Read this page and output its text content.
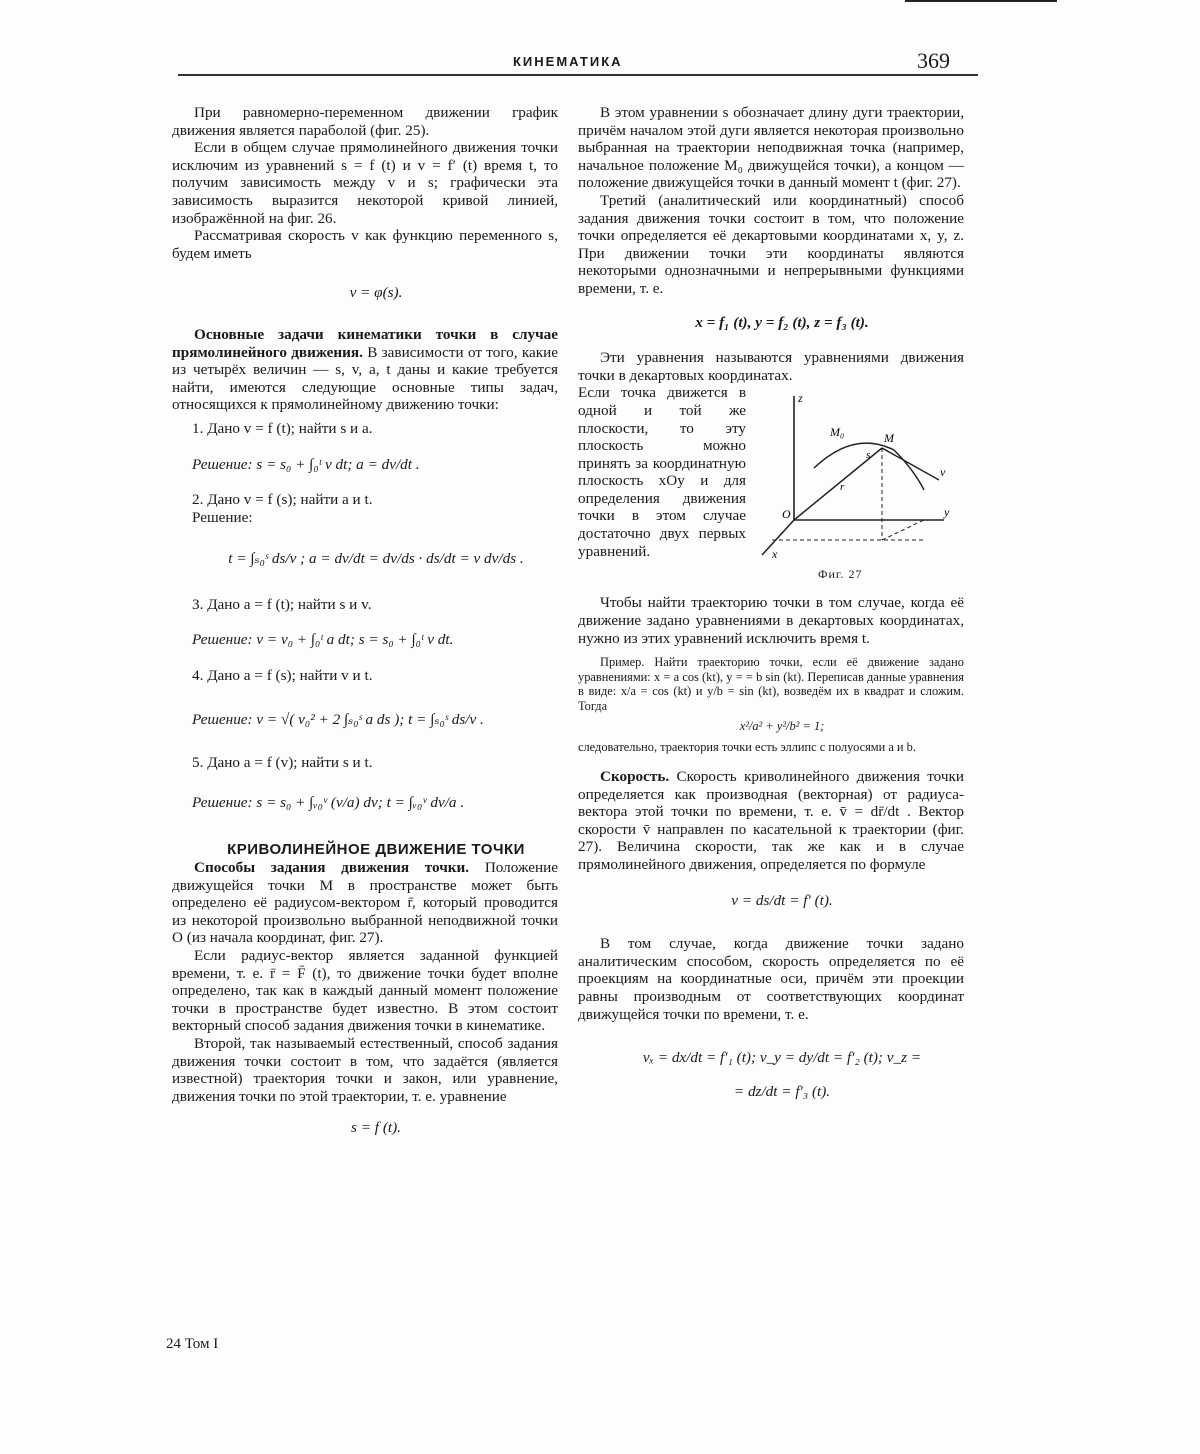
КИНЕМАТИКА	369

При равномерно-переменном движении график движения является параболой (фиг. 25).

Если в общем случае прямолинейного движения точки исключим из уравнений s = f (t) и v = f′ (t) время t, то получим зависимость между v и s; графически эта зависимость выразится некоторой кривой линией, изображённой на фиг. 26.

Рассматривая скорость v как функцию переменного s, будем иметь

v = φ(s).

Основные задачи кинематики точки в случае прямолинейного движения. В зависимости от того, какие из четырёх величин — s, v, a, t даны и какие требуется найти, имеются следующие основные типы задач, относящихся к прямолинейному движению точки:

1. Дано v = f (t); найти s и a.

Решение: s = s₀ + ∫₀ᵗ v dt; a = dv/dt .

2. Дано v = f (s); найти a и t.

Решение:

t = ∫ₛ₀ˢ ds/v ; a = dv/dt = dv/ds · ds/dt = v dv/ds .

3. Дано a = f (t); найти s и v.

Решение: v = v₀ + ∫₀ᵗ a dt; s = s₀ + ∫₀ᵗ v dt.

4. Дано a = f (s); найти v и t.

Решение: v = √( v₀² + 2 ∫ₛ₀ˢ a ds ); t = ∫ₛ₀ˢ ds/v .

5. Дано a = f (v); найти s и t.

Решение: s = s₀ + ∫ᵥ₀ᵛ (v/a) dv; t = ∫ᵥ₀ᵛ dv/a .

КРИВОЛИНЕЙНОЕ ДВИЖЕНИЕ ТОЧКИ

Способы задания движения точки. Положение движущейся точки M в пространстве может быть определено её радиусом-вектором r̄, который проводится из некоторой произвольно выбранной неподвижной точки O (из начала координат, фиг. 27).

Если радиус-вектор является заданной функцией времени, т. е. r̄ = F̄ (t), то движение точки будет вполне определено, так как в каждый данный момент положение точки в пространстве будет известно. В этом состоит векторный способ задания движения точки в кинематике.

Второй, так называемый естественный, способ задания движения точки состоит в том, что задаётся (является известной) траектория точки и закон, или уравнение, движения точки по этой траектории, т. е. уравнение

s = f (t).

В этом уравнении s обозначает длину дуги траектории, причём началом этой дуги является некоторая произвольно выбранная на траектории неподвижная точка (например, начальное положение M₀ движущейся точки), а концом — положение движущейся точки в данный момент t (фиг. 27).

Третий (аналитический или координатный) способ задания движения точки состоит в том, что положение точки определяется её декартовыми координатами x, y, z. При движении точки эти координаты являются некоторыми однозначными и непрерывными функциями времени, т. е.

x = f₁ (t), y = f₂ (t), z = f₃ (t).

Эти уравнения называются уравнениями движения точки в декартовых координатах.

z
y
x
O
M
M₀
s
r
v
Фиг. 27

Если точка движется в одной и той же плоскости, то эту плоскость можно принять за координатную плоскость xOy и для определения движения точки в этом случае достаточно двух первых уравнений.

Чтобы найти траекторию точки в том случае, когда её движение задано уравнениями в декартовых координатах, нужно из этих уравнений исключить время t.

Пример. Найти траекторию точки, если её движение задано уравнениями: x = a cos (kt), y = = b sin (kt). Переписав данные уравнения в виде: x/a = cos (kt) и y/b = sin (kt), возведём их в квадрат и сложим. Тогда

x²/a² + y²/b² = 1;

следовательно, траектория точки есть эллипс с полуосями a и b.

Скорость. Скорость криволинейного движения точки определяется как производная (векторная) от радиуса-вектора этой точки по времени, т. е. v̄ = dr̄/dt . Вектор скорости v̄ направлен по касательной к траектории (фиг. 27). Величина скорости, так же как и в случае прямолинейного движения, определяется по формуле

v = ds/dt = f′ (t).

В том случае, когда движение точки задано аналитическим способом, скорость определяется по её проекциям на координатные оси, причём эти проекции равны производным от соответствующих координат движущейся точки по времени, т. е.

vₓ = dx/dt = f′₁ (t); v_y = dy/dt = f′₂ (t); v_z =

= dz/dt = f′₃ (t).

24 Том I
